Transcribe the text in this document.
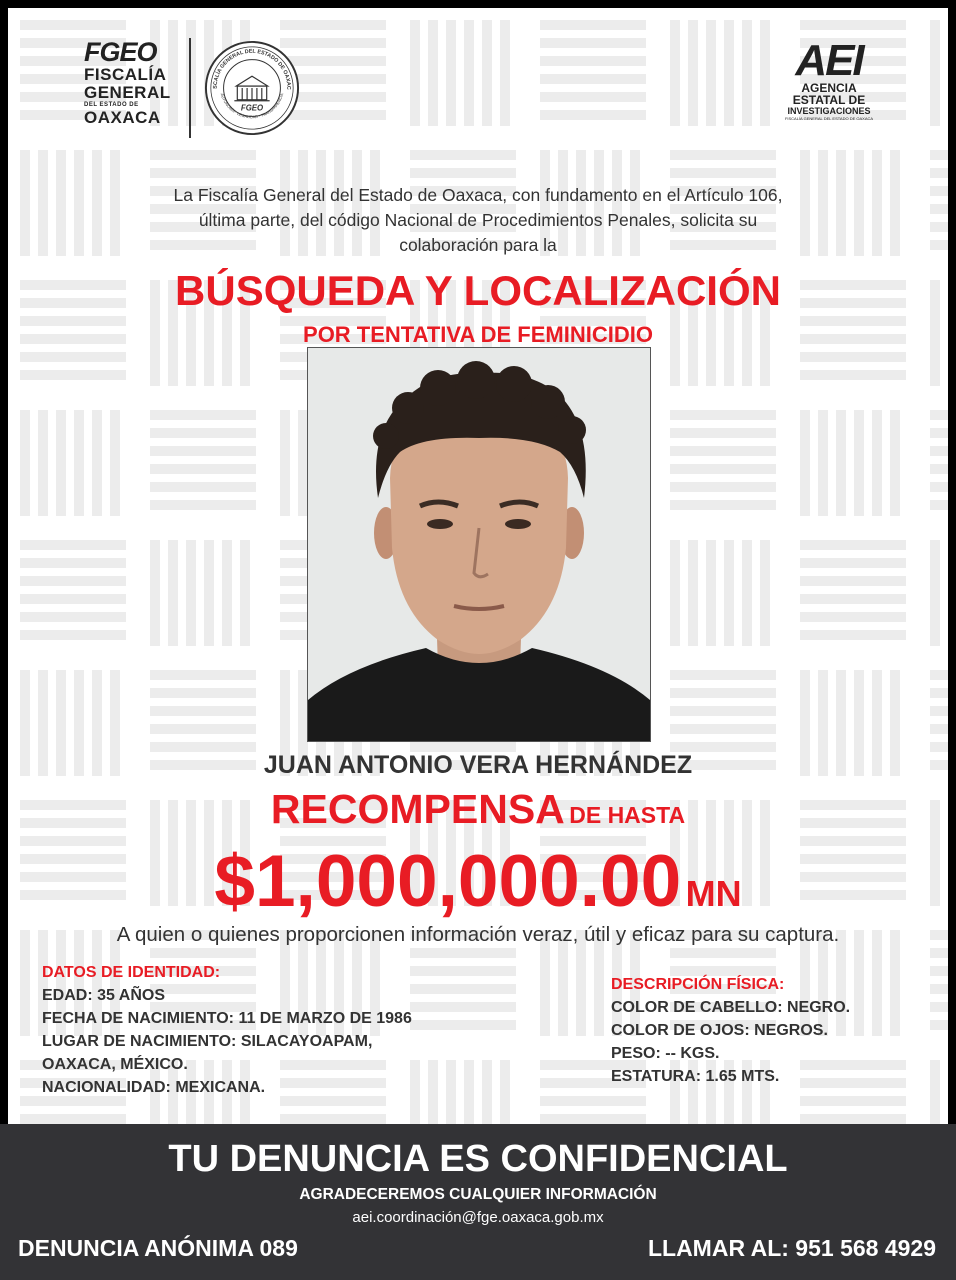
FGEO
FISCALÍA
GENERAL
DEL ESTADO DE
OAXACA
SCALÍA GENERAL DEL ESTADO DE OAXAC
AUTONOMÍA · LEGALIDAD · TRANSPARENCIA
FGEO
AEI
AGENCIA
ESTATAL DE
INVESTIGACIONES
FISCALÍA GENERAL DEL ESTADO DE OAXACA
La Fiscalía General del Estado de Oaxaca, con fundamento en el Artículo 106,
última parte, del código Nacional de Procedimientos Penales, solicita su
colaboración para la
BÚSQUEDA Y LOCALIZACIÓN
POR TENTATIVA DE FEMINICIDIO
JUAN ANTONIO VERA HERNÁNDEZ
RECOMPENSA DE HASTA
$1,000,000.00 MN
A quien o quienes proporcionen información veraz, útil y eficaz para su captura.
DATOS DE IDENTIDAD:
EDAD: 35 AÑOS
FECHA DE NACIMIENTO: 11 DE MARZO DE 1986
LUGAR DE NACIMIENTO: SILACAYOAPAM,
OAXACA, MÉXICO.
NACIONALIDAD: MEXICANA.
DESCRIPCIÓN FÍSICA:
COLOR DE CABELLO: NEGRO.
COLOR DE OJOS: NEGROS.
PESO: -- KGS.
ESTATURA: 1.65 MTS.
TU DENUNCIA ES CONFIDENCIAL
AGRADECEREMOS CUALQUIER INFORMACIÓN
aei.coordinación@fge.oaxaca.gob.mx
DENUNCIA ANÓNIMA 089	LLAMAR AL: 951 568 4929
